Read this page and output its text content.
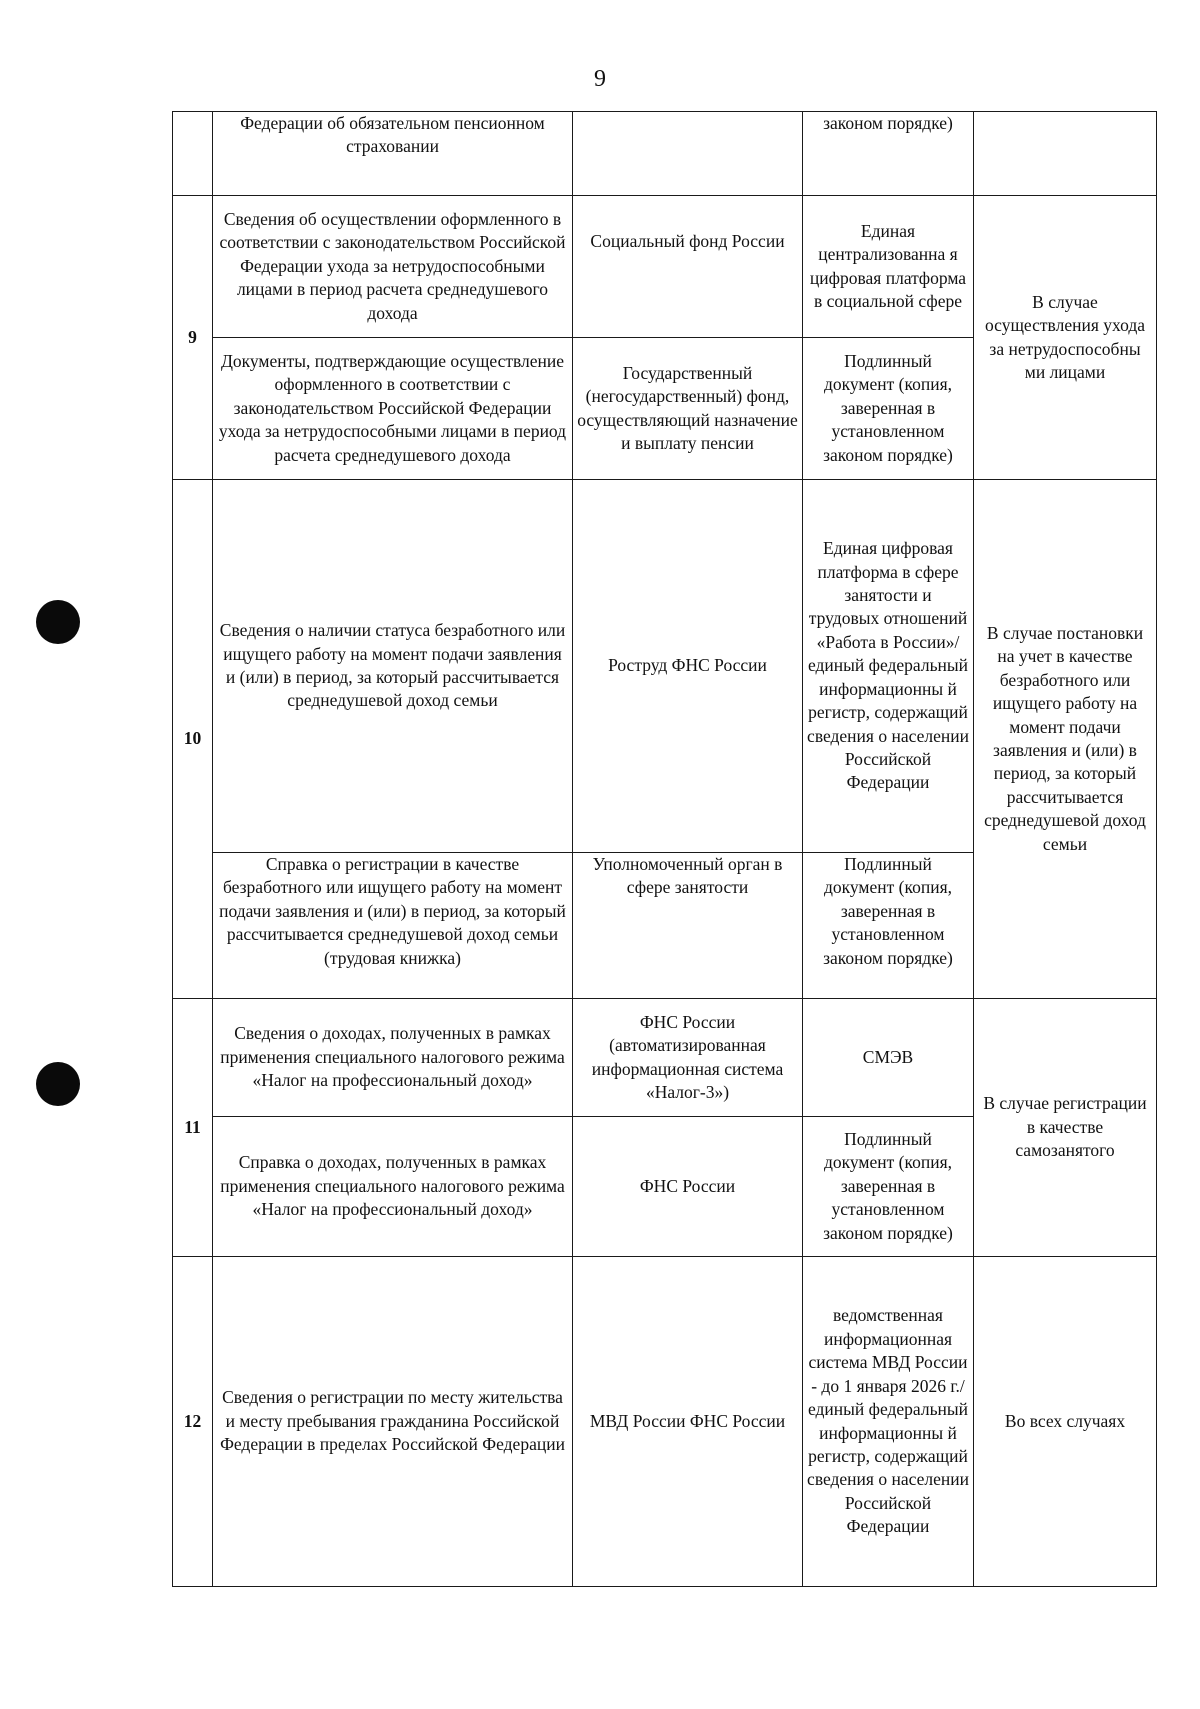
9
	Федерации об обязательном пенсионном страховании		законом порядке)	
9	Сведения об осуществлении оформленного в соответствии с законодательством Российской Федерации ухода за нетрудоспособными лицами в период расчета среднедушевого дохода	Социальный фонд России	Единая централизованна я цифровая платформа в социальной сфере	В случае осуществления ухода за нетрудоспособны ми лицами
	Документы, подтверждающие осуществление оформленного в соответствии с законодательством Российской Федерации ухода за нетрудоспособными лицами в период расчета среднедушевого дохода	Государственный (негосударственный) фонд, осуществляющий назначение и выплату пенсии	Подлинный документ (копия, заверенная в установленном законом порядке)	
10	Сведения о наличии статуса безработного или ищущего работу на момент подачи заявления и (или) в период, за который рассчитывается среднедушевой доход семьи	Роструд ФНС России	Единая цифровая платформа в сфере занятости и трудовых отношений «Работа в России»/ единый федеральный информационны й регистр, содержащий сведения о населении Российской Федерации	В случае постановки на учет в качестве безработного или ищущего работу на момент подачи заявления и (или) в период, за который рассчитывается среднедушевой доход семьи
	Справка о регистрации в качестве безработного или ищущего работу на момент подачи заявления и (или) в период, за который рассчитывается среднедушевой доход семьи (трудовая книжка)	Уполномоченный орган в сфере занятости	Подлинный документ (копия, заверенная в установленном законом порядке)	
11	Сведения о доходах, полученных в рамках применения специального налогового режима «Налог на профессиональный доход»	ФНС России (автоматизированная информационная система «Налог-3»)	СМЭВ	В случае регистрации в качестве самозанятого
	Справка о доходах, полученных в рамках применения специального налогового режима «Налог на профессиональный доход»	ФНС России	Подлинный документ (копия, заверенная в установленном законом порядке)	
12	Сведения о регистрации по месту жительства и месту пребывания гражданина Российской Федерации в пределах Российской Федерации	МВД России ФНС России	ведомственная информационная система МВД России - до 1 января 2026 г./ единый федеральный информационны й регистр, содержащий сведения о населении Российской Федерации	Во всех случаях
